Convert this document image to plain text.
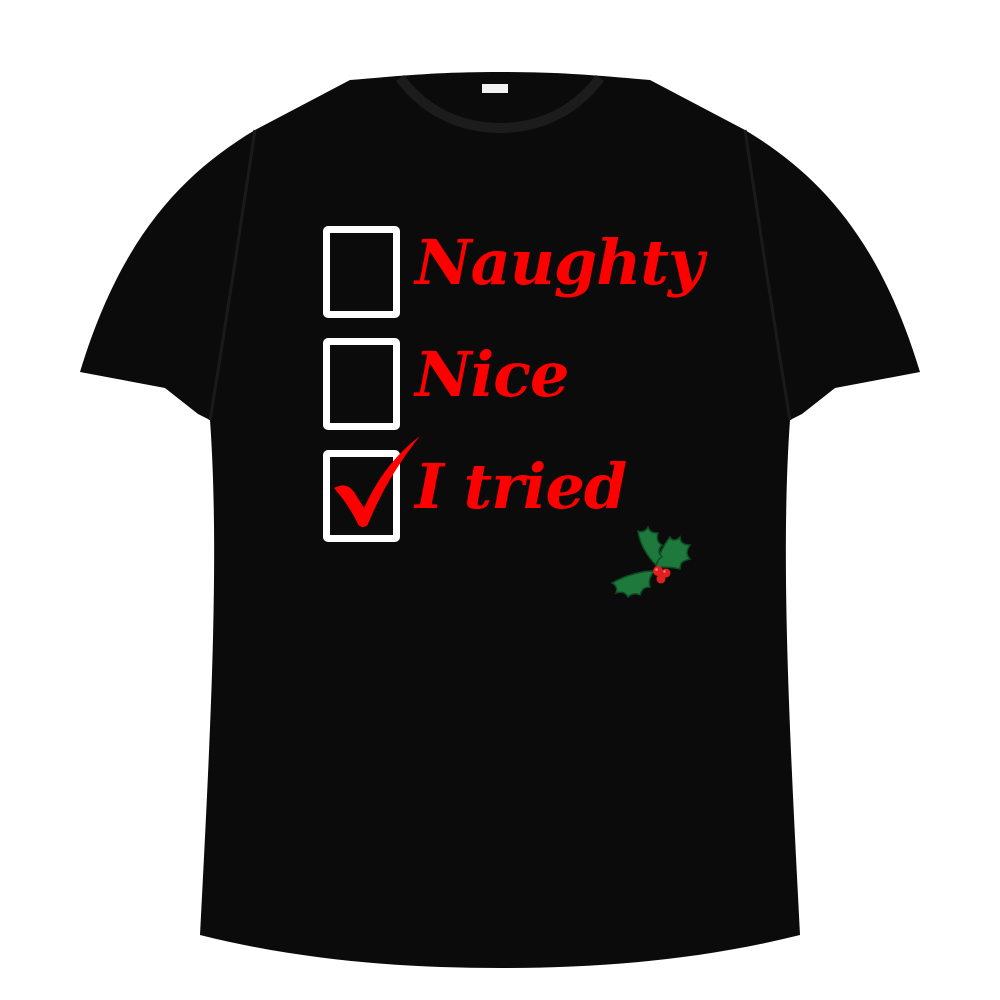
Naughty
Nice
I tried
